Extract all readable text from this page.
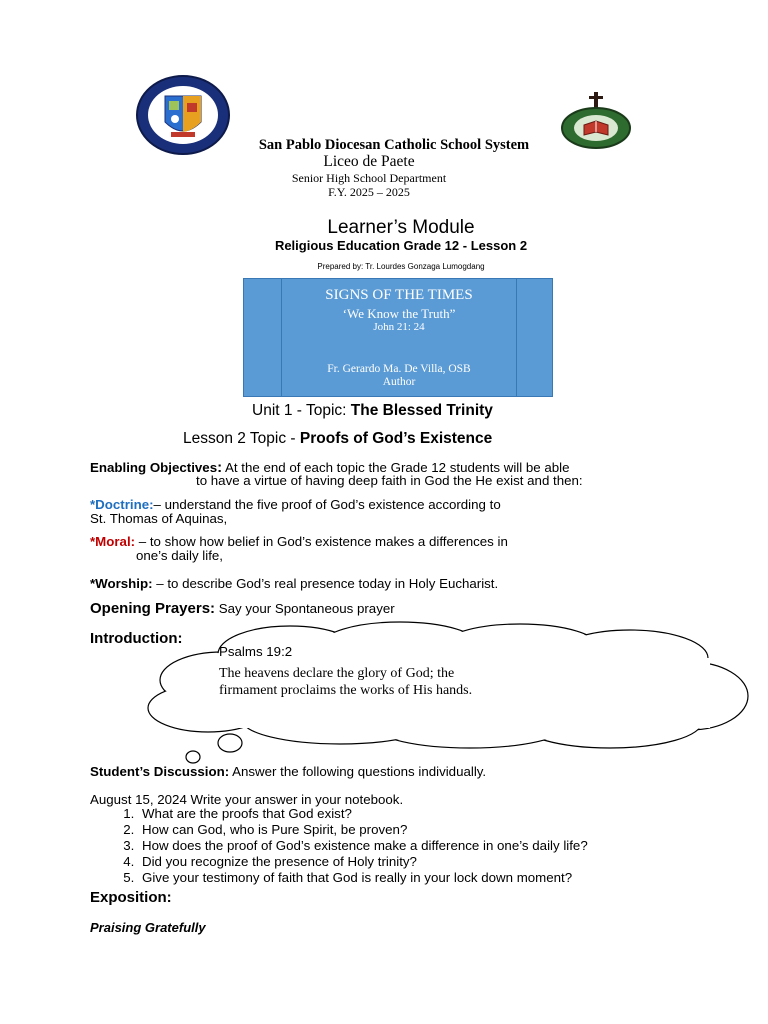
San Pablo Diocesan Catholic School System
Liceo de Paete
Senior High School Department
F.Y. 2025 – 2025
Learner’s Module
Religious Education Grade 12 - Lesson 2
Prepared by: Tr. Lourdes Gonzaga Lumogdang
SIGNS OF THE TIMES
‘We Know the Truth”
John 21: 24
Fr. Gerardo Ma. De Villa, OSB
Author
Unit 1 - Topic: The Blessed Trinity
Lesson 2 Topic - Proofs of God’s Existence
Enabling Objectives: At the end of each topic the Grade 12 students will be able
to have a virtue of having deep faith in God the He exist and then:
*Doctrine:– understand the five proof of God’s existence according to
St. Thomas of Aquinas,
*Moral: – to show how belief in God’s existence makes a differences in
one’s daily life,
*Worship: – to describe God’s real presence today in Holy Eucharist.
Opening Prayers: Say your Spontaneous prayer
Introduction:
Psalms 19:2
The heavens declare the glory of God; the
firmament proclaims the works of His hands.
Student’s Discussion: Answer the following questions individually.
August 15, 2024 Write your answer in your notebook.
1. What are the proofs that God exist?
2. How can God, who is Pure Spirit, be proven?
3. How does the proof of God’s existence make a difference in one’s daily life?
4. Did you recognize the presence of Holy trinity?
5. Give your testimony of faith that God is really in your lock down moment?
Exposition:
Praising Gratefully
